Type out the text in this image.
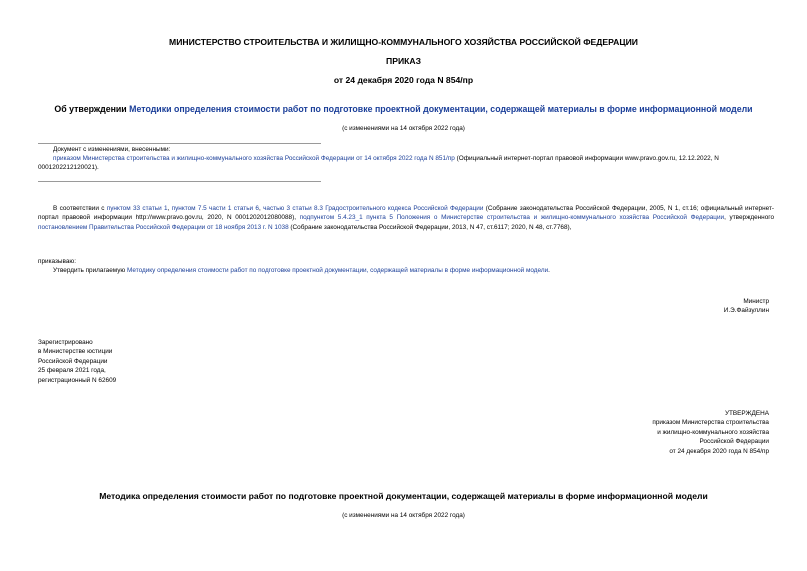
МИНИСТЕРСТВО СТРОИТЕЛЬСТВА И ЖИЛИЩНО-КОММУНАЛЬНОГО ХОЗЯЙСТВА РОССИЙСКОЙ ФЕДЕРАЦИИ
ПРИКАЗ
от 24 декабря 2020 года N 854/пр
Об утверждении Методики определения стоимости работ по подготовке проектной документации, содержащей материалы в форме информационной модели
(с изменениями на 14 октября 2022 года)
Документ с изменениями, внесенными:
приказом Министерства строительства и жилищно-коммунального хозяйства Российской Федерации от 14 октября 2022 года N 851/пр (Официальный интернет-портал правовой информации www.pravo.gov.ru, 12.12.2022, N 0001202212120021).
В соответствии с пунктом 33 статьи 1, пунктом 7.5 части 1 статьи 6, частью 3 статьи 8.3 Градостроительного кодекса Российской Федерации (Собрание законодательства Российской Федерации, 2005, N 1, ст.16; официальный интернет-портал правовой информации http://www.pravo.gov.ru, 2020, N 0001202012080088), подпунктом 5.4.23_1 пункта 5 Положения о Министерстве строительства и жилищно-коммунального хозяйства Российской Федерации, утвержденного постановлением Правительства Российской Федерации от 18 ноября 2013 г. N 1038 (Собрание законодательства Российской Федерации, 2013, N 47, ст.6117; 2020, N 48, ст.7768),
приказываю:
Утвердить прилагаемую Методику определения стоимости работ по подготовке проектной документации, содержащей материалы в форме информационной модели.
Министр
И.Э.Файзуллин
Зарегистрировано
в Министерстве юстиции
Российской Федерации
25 февраля 2021 года,
регистрационный N 62609
УТВЕРЖДЕНА
приказом Министерства строительства
и жилищно-коммунального хозяйства
Российской Федерации
от 24 декабря 2020 года N 854/пр
Методика определения стоимости работ по подготовке проектной документации, содержащей материалы в форме информационной модели
(с изменениями на 14 октября 2022 года)
